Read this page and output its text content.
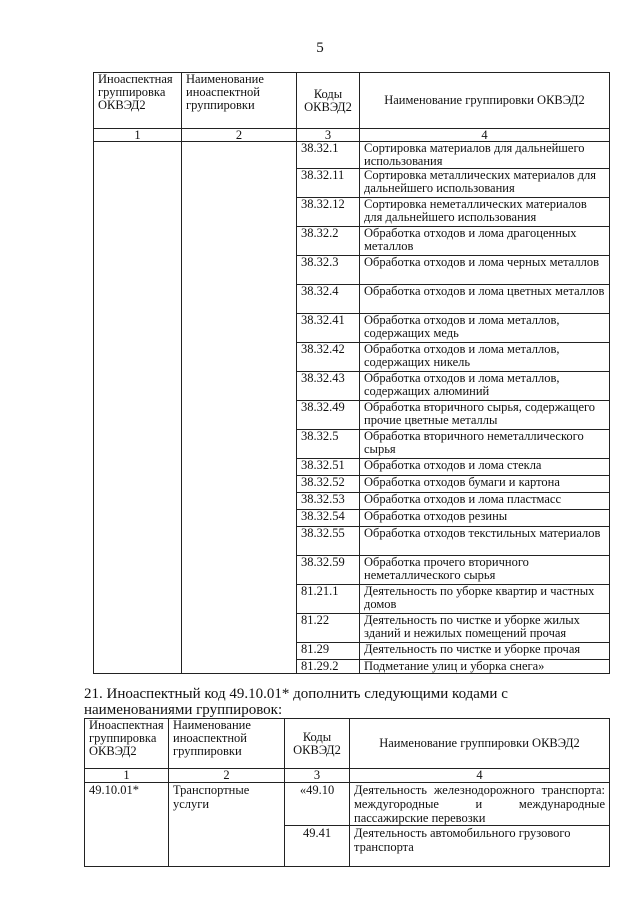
5
Иноаспектная группировка ОКВЭД2	Наименование иноаспектной группировки	Коды ОКВЭД2	Наименование группировки ОКВЭД2
1	2	3	4
		38.32.1	Сортировка материалов для дальнейшего использования
		38.32.11	Сортировка металлических материалов для дальнейшего использования
		38.32.12	Сортировка неметаллических материалов для дальнейшего использования
		38.32.2	Обработка отходов и лома драгоценных металлов
		38.32.3	Обработка отходов и лома черных металлов
		38.32.4	Обработка отходов и лома цветных металлов
		38.32.41	Обработка отходов и лома металлов, содержащих медь
		38.32.42	Обработка отходов и лома металлов, содержащих никель
		38.32.43	Обработка отходов и лома металлов, содержащих алюминий
		38.32.49	Обработка вторичного сырья, содержащего прочие цветные металлы
		38.32.5	Обработка вторичного неметаллического сырья
		38.32.51	Обработка отходов и лома стекла
		38.32.52	Обработка отходов бумаги и картона
		38.32.53	Обработка отходов и лома пластмасс
		38.32.54	Обработка отходов резины
		38.32.55	Обработка отходов текстильных материалов
		38.32.59	Обработка прочего вторичного неметаллического сырья
		81.21.1	Деятельность по уборке квартир и частных домов
		81.22	Деятельность по чистке и уборке жилых зданий и нежилых помещений прочая
		81.29	Деятельность по чистке и уборке прочая
		81.29.2	Подметание улиц и уборка снега»
21. Иноаспектный код 49.10.01* дополнить следующими кодами с
наименованиями группировок:
Иноаспектная группировка ОКВЭД2	Наименование иноаспектной группировки	Коды ОКВЭД2	Наименование группировки ОКВЭД2
1	2	3	4
49.10.01*	Транспортные услуги	«49.10	Деятельность железнодорожного транспорта: междугородные и международные пассажирские перевозки
		49.41	Деятельность автомобильного грузового транспорта
